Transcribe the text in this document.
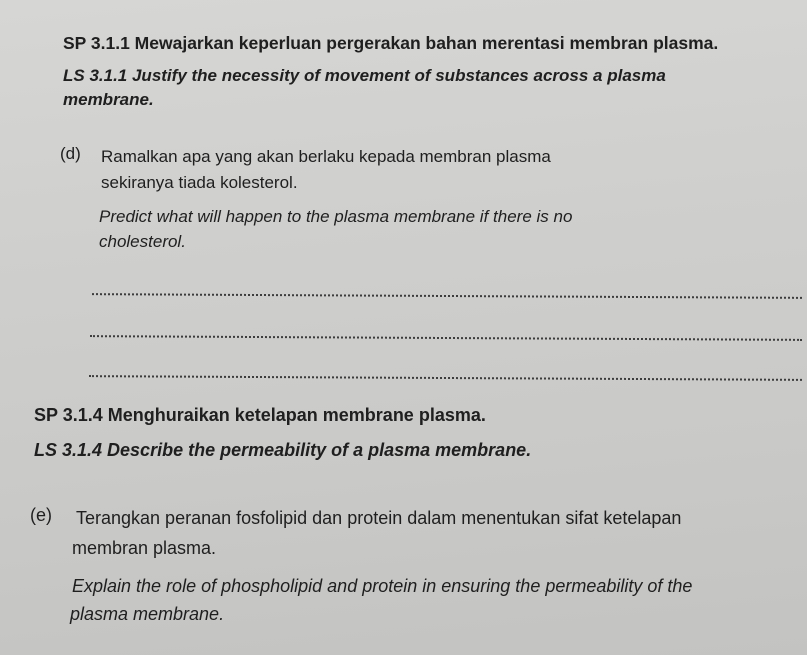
SP 3.1.1 Mewajarkan keperluan pergerakan bahan merentasi membran plasma.
LS 3.1.1 Justify the necessity of movement of substances across a plasma
membrane.
(d) Ramalkan apa yang akan berlaku kepada membran plasma
sekiranya tiada kolesterol.
Predict what will happen to the plasma membrane if there is no
cholesterol.
SP 3.1.4 Menghuraikan ketelapan membrane plasma.
LS 3.1.4 Describe the permeability of a plasma membrane.
(e) Terangkan peranan fosfolipid dan protein dalam menentukan sifat ketelapan
membran plasma.
Explain the role of phospholipid and protein in ensuring the permeability of the
plasma membrane.
